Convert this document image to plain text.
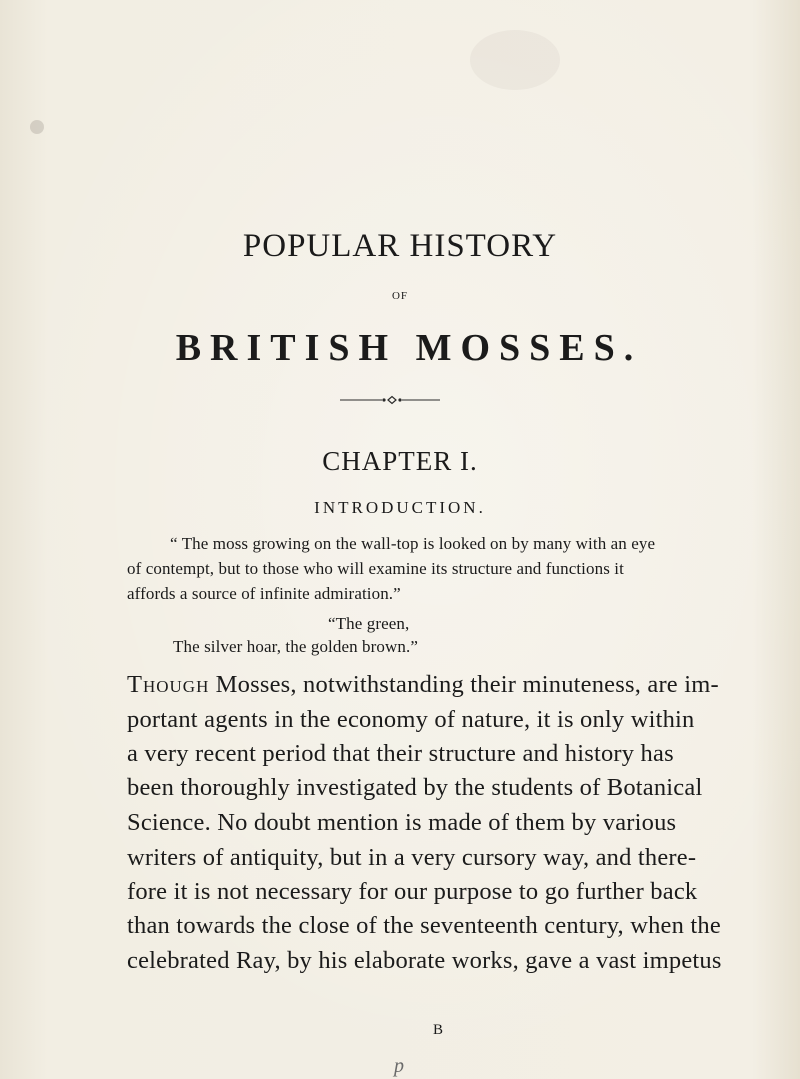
POPULAR HISTORY
OF
BRITISH MOSSES.
CHAPTER I.
INTRODUCTION.
“ The moss growing on the wall-top is looked on by many with an eye
of contempt, but to those who will examine its structure and functions it
affords a source of infinite admiration.”
“The green,
The silver hoar, the golden brown.”
Though Mosses, notwithstanding their minuteness, are im-
portant agents in the economy of nature, it is only within
a very recent period that their structure and history has
been thoroughly investigated by the students of Botanical
Science. No doubt mention is made of them by various
writers of antiquity, but in a very cursory way, and there-
fore it is not necessary for our purpose to go further back
than towards the close of the seventeenth century, when the
celebrated Ray, by his elaborate works, gave a vast impetus
B
p
